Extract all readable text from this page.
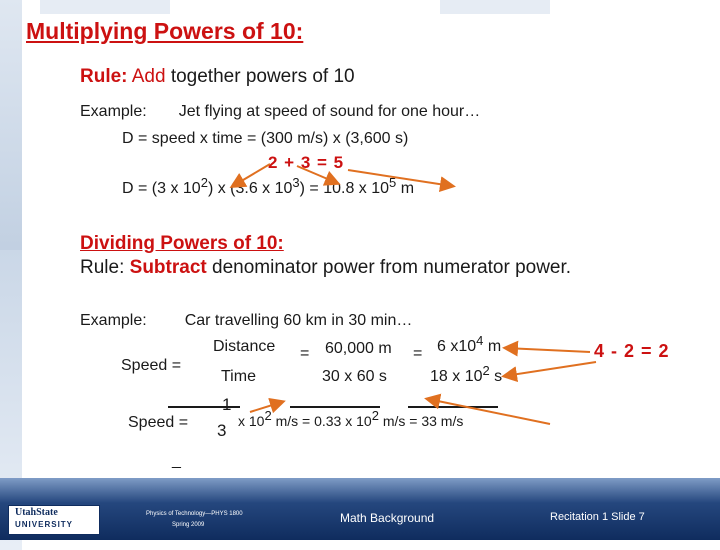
Multiplying Powers of 10:
Rule: Add together powers of 10
Example: Jet flying at speed of sound for one hour…
D = speed x time = (300 m/s) x (3,600 s)
2 + 3 = 5
D = (3 x $10^2$) x (3.6 x $10^3) = 10.8$ x $10^5$ m
Dividing Powers of 10:
Rule: Subtract denominator power from numerator power.
Example: Car travelling 60 km in 30 min…
Distance = 60,000 m = 6 $x10^4$ m
Speed =
Time	30 x 60 s	18 x $10^2$ s
4 - 2 = 2
1
Speed = 3 x $10^2$ m/s = 0.33 x $10^2$ m/s = 33 m/s
_
UtahState
UNIVERSITY
Physics of Technology—PHYS 1800
Spring 2009	Math Background	Recitation 1 Slide 7
